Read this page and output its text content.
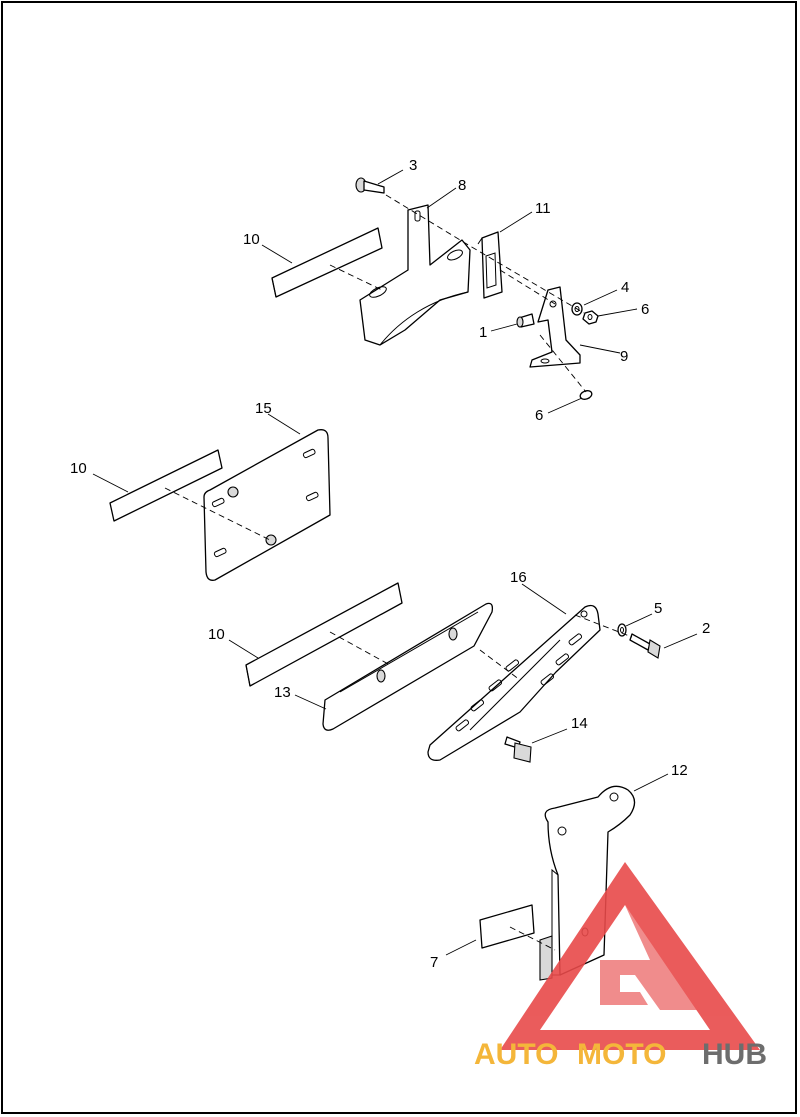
AUTO MOTO HUB
3
8
11
10
4
6
1
9
6
15
10
16
5
2
10
13
14
12
7
